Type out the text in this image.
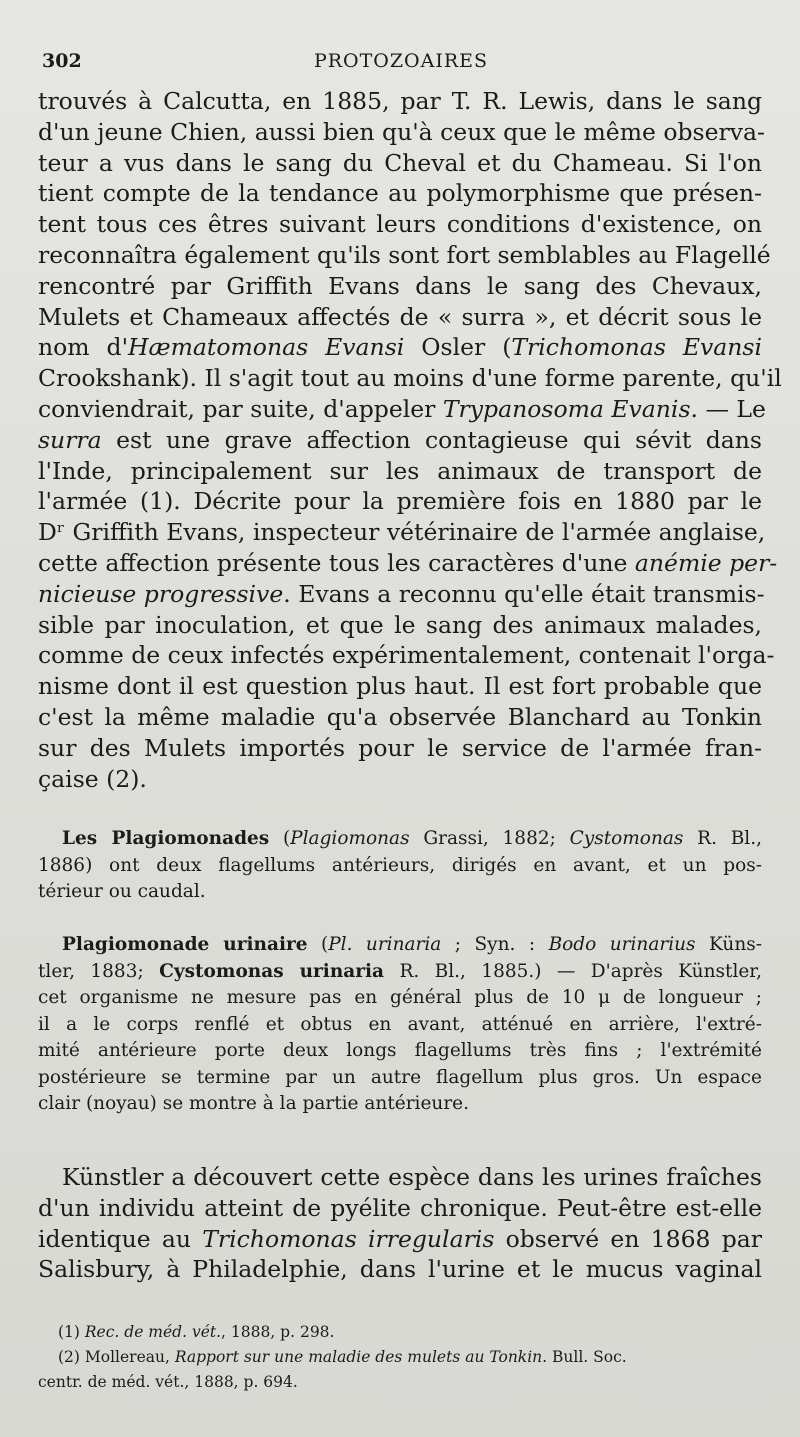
302	PROTOZOAIRES
trouvés à Calcutta, en 1885, par T. R. Lewis, dans le sang
d'un jeune Chien, aussi bien qu'à ceux que le même observa-
teur a vus dans le sang du Cheval et du Chameau. Si l'on
tient compte de la tendance au polymorphisme que présen-
tent tous ces êtres suivant leurs conditions d'existence, on
reconnaîtra également qu'ils sont fort semblables au Flagellé
rencontré par Griffith Evans dans le sang des Chevaux,
Mulets et Chameaux affectés de « surra », et décrit sous le
nom d'Hæmatomonas Evansi Osler (Trichomonas Evansi
Crookshank). Il s'agit tout au moins d'une forme parente, qu'il
conviendrait, par suite, d'appeler Trypanosoma Evanis. — Le
surra est une grave affection contagieuse qui sévit dans
l'Inde, principalement sur les animaux de transport de
l'armée (1). Décrite pour la première fois en 1880 par le
Dʳ Griffith Evans, inspecteur vétérinaire de l'armée anglaise,
cette affection présente tous les caractères d'une anémie per-
nicieuse progressive. Evans a reconnu qu'elle était transmis-
sible par inoculation, et que le sang des animaux malades,
comme de ceux infectés expérimentalement, contenait l'orga-
nisme dont il est question plus haut. Il est fort probable que
c'est la même maladie qu'a observée Blanchard au Tonkin
sur des Mulets importés pour le service de l'armée fran-
çaise (2).
Les Plagiomonades (Plagiomonas Grassi, 1882; Cystomonas R. Bl.,
1886) ont deux flagellums antérieurs, dirigés en avant, et un pos-
térieur ou caudal.
Plagiomonade urinaire (Pl. urinaria ; Syn. : Bodo urinarius Küns-
tler, 1883; Cystomonas urinaria R. Bl., 1885.) — D'après Künstler,
cet organisme ne mesure pas en général plus de 10 μ de longueur ;
il a le corps renflé et obtus en avant, atténué en arrière, l'extré-
mité antérieure porte deux longs flagellums très fins ; l'extrémité
postérieure se termine par un autre flagellum plus gros. Un espace
clair (noyau) se montre à la partie antérieure.
Künstler a découvert cette espèce dans les urines fraîches
d'un individu atteint de pyélite chronique. Peut-être est-elle
identique au Trichomonas irregularis observé en 1868 par
Salisbury, à Philadelphie, dans l'urine et le mucus vaginal
(1) Rec. de méd. vét., 1888, p. 298.
(2) Mollereau, Rapport sur une maladie des mulets au Tonkin. Bull. Soc.
centr. de méd. vét., 1888, p. 694.
